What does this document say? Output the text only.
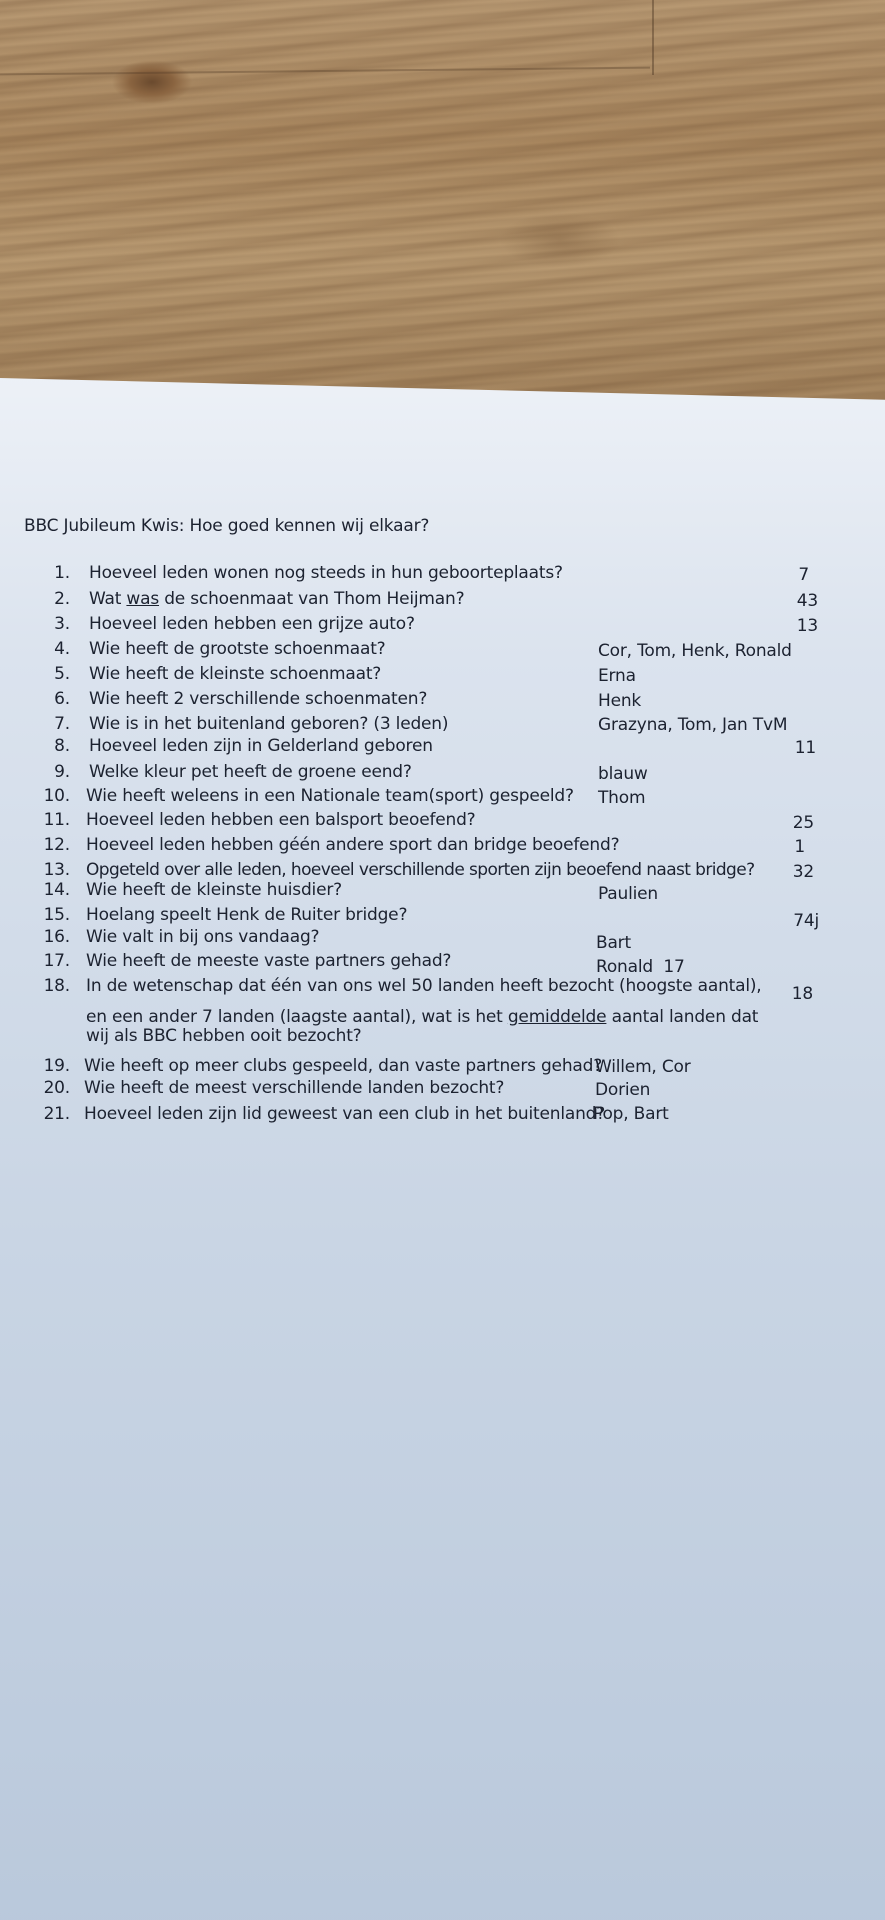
BBC Jubileum Kwis: Hoe goed kennen wij elkaar?
1. Hoeveel leden wonen nog steeds in hun geboorteplaats?	7
2. Wat was de schoenmaat van Thom Heijman?	43
3. Hoeveel leden hebben een grijze auto?	13
4. Wie heeft de grootste schoenmaat?	Cor, Tom, Henk, Ronald
5. Wie heeft de kleinste schoenmaat?	Erna
6. Wie heeft 2 verschillende schoenmaten?	Henk
7. Wie is in het buitenland geboren? (3 leden)	Grazyna, Tom, Jan TvM
8. Hoeveel leden zijn in Gelderland geboren	11
9. Welke kleur pet heeft de groene eend?	blauw
10. Wie heeft weleens in een Nationale team(sport) gespeeld? Thom
11. Hoeveel leden hebben een balsport beoefend?	25
12. Hoeveel leden hebben géén andere sport dan bridge beoefend?	1
13. Opgeteld over alle leden, hoeveel verschillende sporten zijn beoefend naast bridge?	32
14. Wie heeft de kleinste huisdier?	Paulien
15. Hoelang speelt Henk de Ruiter bridge?	74j
16. Wie valt in bij ons vandaag?	Bart
17. Wie heeft de meeste vaste partners gehad?	Ronald  17
18. In de wetenschap dat één van ons wel 50 landen heeft bezocht (hoogste aantal),
en een ander 7 landen (laagste aantal), wat is het gemiddelde aantal landen dat
wij als BBC hebben ooit bezocht?
18
19. Wie heeft op meer clubs gespeeld, dan vaste partners gehad?
Willem, Cor
20. Wie heeft de meest verschillende landen bezocht?	Dorien
21. Hoeveel leden zijn lid geweest van een club in het buitenland?
Pop, Bart
